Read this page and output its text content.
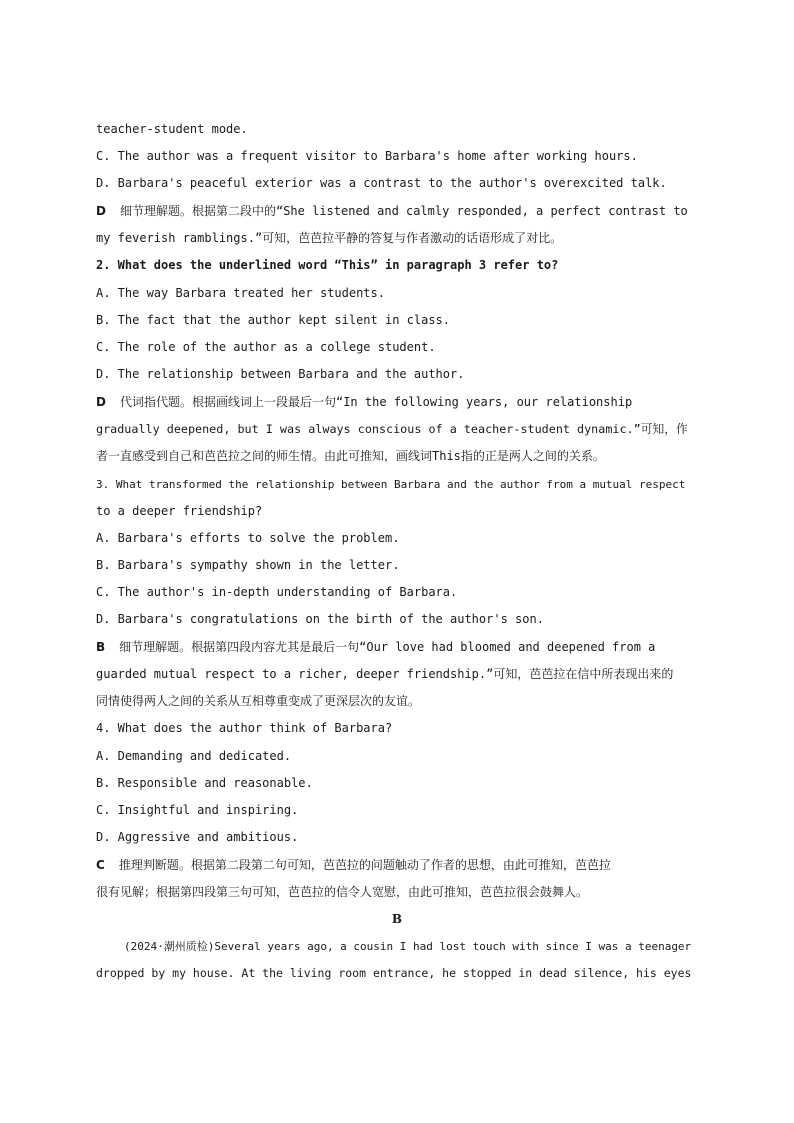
teacher-student mode.
C. The author was a frequent visitor to Barbara's home after working hours.
D. Barbara's peaceful exterior was a contrast to the author's overexcited talk.
D 细节理解题。根据第二段中的“She listened and calmly responded, a perfect contrast to
my feverish ramblings.”可知，芭芭拉平静的答复与作者激动的话语形成了对比。
2. What does the underlined word “This” in paragraph 3 refer to?
A. The way Barbara treated her students.
B. The fact that the author kept silent in class.
C. The role of the author as a college student.
D. The relationship between Barbara and the author.
D 代词指代题。根据画线词上一段最后一句“In the following years, our relationship
gradually deepened, but I was always conscious of a teacher-student dynamic.”可知，作
者一直感受到自己和芭芭拉之间的师生情。由此可推知，画线词This指的正是两人之间的关系。
3. What transformed the relationship between Barbara and the author from a mutual respect
to a deeper friendship?
A. Barbara's efforts to solve the problem.
B. Barbara's sympathy shown in the letter.
C. The author's in-depth understanding of Barbara.
D. Barbara's congratulations on the birth of the author's son.
B 细节理解题。根据第四段内容尤其是最后一句“Our love had bloomed and deepened from a
guarded mutual respect to a richer, deeper friendship.”可知，芭芭拉在信中所表现出来的
同情使得两人之间的关系从互相尊重变成了更深层次的友谊。
4. What does the author think of Barbara?
A. Demanding and dedicated.
B. Responsible and reasonable.
C. Insightful and inspiring.
D. Aggressive and ambitious.
C 推理判断题。根据第二段第二句可知，芭芭拉的问题触动了作者的思想，由此可推知，芭芭拉
很有见解；根据第四段第三句可知，芭芭拉的信令人宽慰，由此可推知，芭芭拉很会鼓舞人。
B
(2024·潮州质检)Several years ago, a cousin I had lost touch with since I was a teenager
dropped by my house. At the living room entrance, he stopped in dead silence, his eyes
